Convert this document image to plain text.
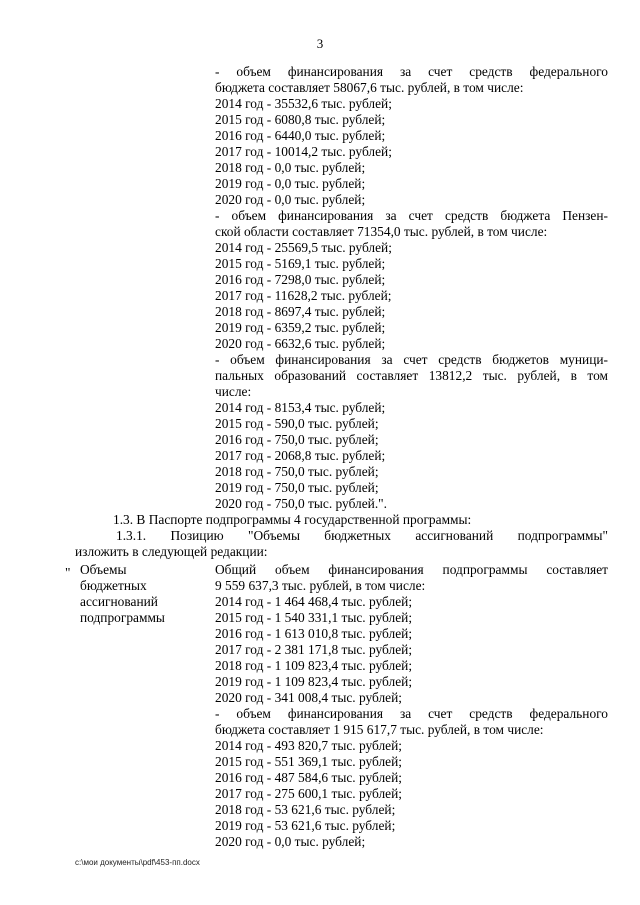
3
- объем финансирования за счет средств федерального
бюджета составляет 58067,6 тыс. рублей, в том числе:
2014 год - 35532,6 тыс. рублей;
2015 год - 6080,8 тыс. рублей;
2016 год - 6440,0 тыс. рублей;
2017 год - 10014,2 тыс. рублей;
2018 год - 0,0 тыс. рублей;
2019 год - 0,0 тыс. рублей;
2020 год - 0,0 тыс. рублей;
- объем финансирования за счет средств бюджета Пензен-
ской области составляет 71354,0 тыс. рублей, в том числе:
2014 год - 25569,5 тыс. рублей;
2015 год - 5169,1 тыс. рублей;
2016 год - 7298,0 тыс. рублей;
2017 год - 11628,2 тыс. рублей;
2018 год - 8697,4 тыс. рублей;
2019 год - 6359,2 тыс. рублей;
2020 год - 6632,6 тыс. рублей;
- объем финансирования за счет средств бюджетов муници-
пальных образований составляет 13812,2 тыс. рублей, в том
числе:
2014 год - 8153,4 тыс. рублей;
2015 год - 590,0 тыс. рублей;
2016 год - 750,0 тыс. рублей;
2017 год - 2068,8 тыс. рублей;
2018 год - 750,0 тыс. рублей;
2019 год - 750,0 тыс. рублей;
2020 год - 750,0 тыс. рублей.".
1.3. В Паспорте подпрограммы 4 государственной программы:
1.3.1. Позицию "Объемы бюджетных ассигнований подпрограммы"
изложить в следующей редакции:
" Объемы
бюджетных
ассигнований
подпрограммы
Общий объем финансирования подпрограммы составляет
9 559 637,3 тыс. рублей, в том числе:
2014 год - 1 464 468,4 тыс. рублей;
2015 год - 1 540 331,1 тыс. рублей;
2016 год - 1 613 010,8 тыс. рублей;
2017 год - 2 381 171,8 тыс. рублей;
2018 год - 1 109 823,4 тыс. рублей;
2019 год - 1 109 823,4 тыс. рублей;
2020 год - 341 008,4 тыс. рублей;
- объем финансирования за счет средств федерального
бюджета составляет 1 915 617,7 тыс. рублей, в том числе:
2014 год - 493 820,7 тыс. рублей;
2015 год - 551 369,1 тыс. рублей;
2016 год - 487 584,6 тыс. рублей;
2017 год - 275 600,1 тыс. рублей;
2018 год - 53 621,6 тыс. рублей;
2019 год - 53 621,6 тыс. рублей;
2020 год - 0,0 тыс. рублей;
c:\мои документы\pdf\453-пп.docx
